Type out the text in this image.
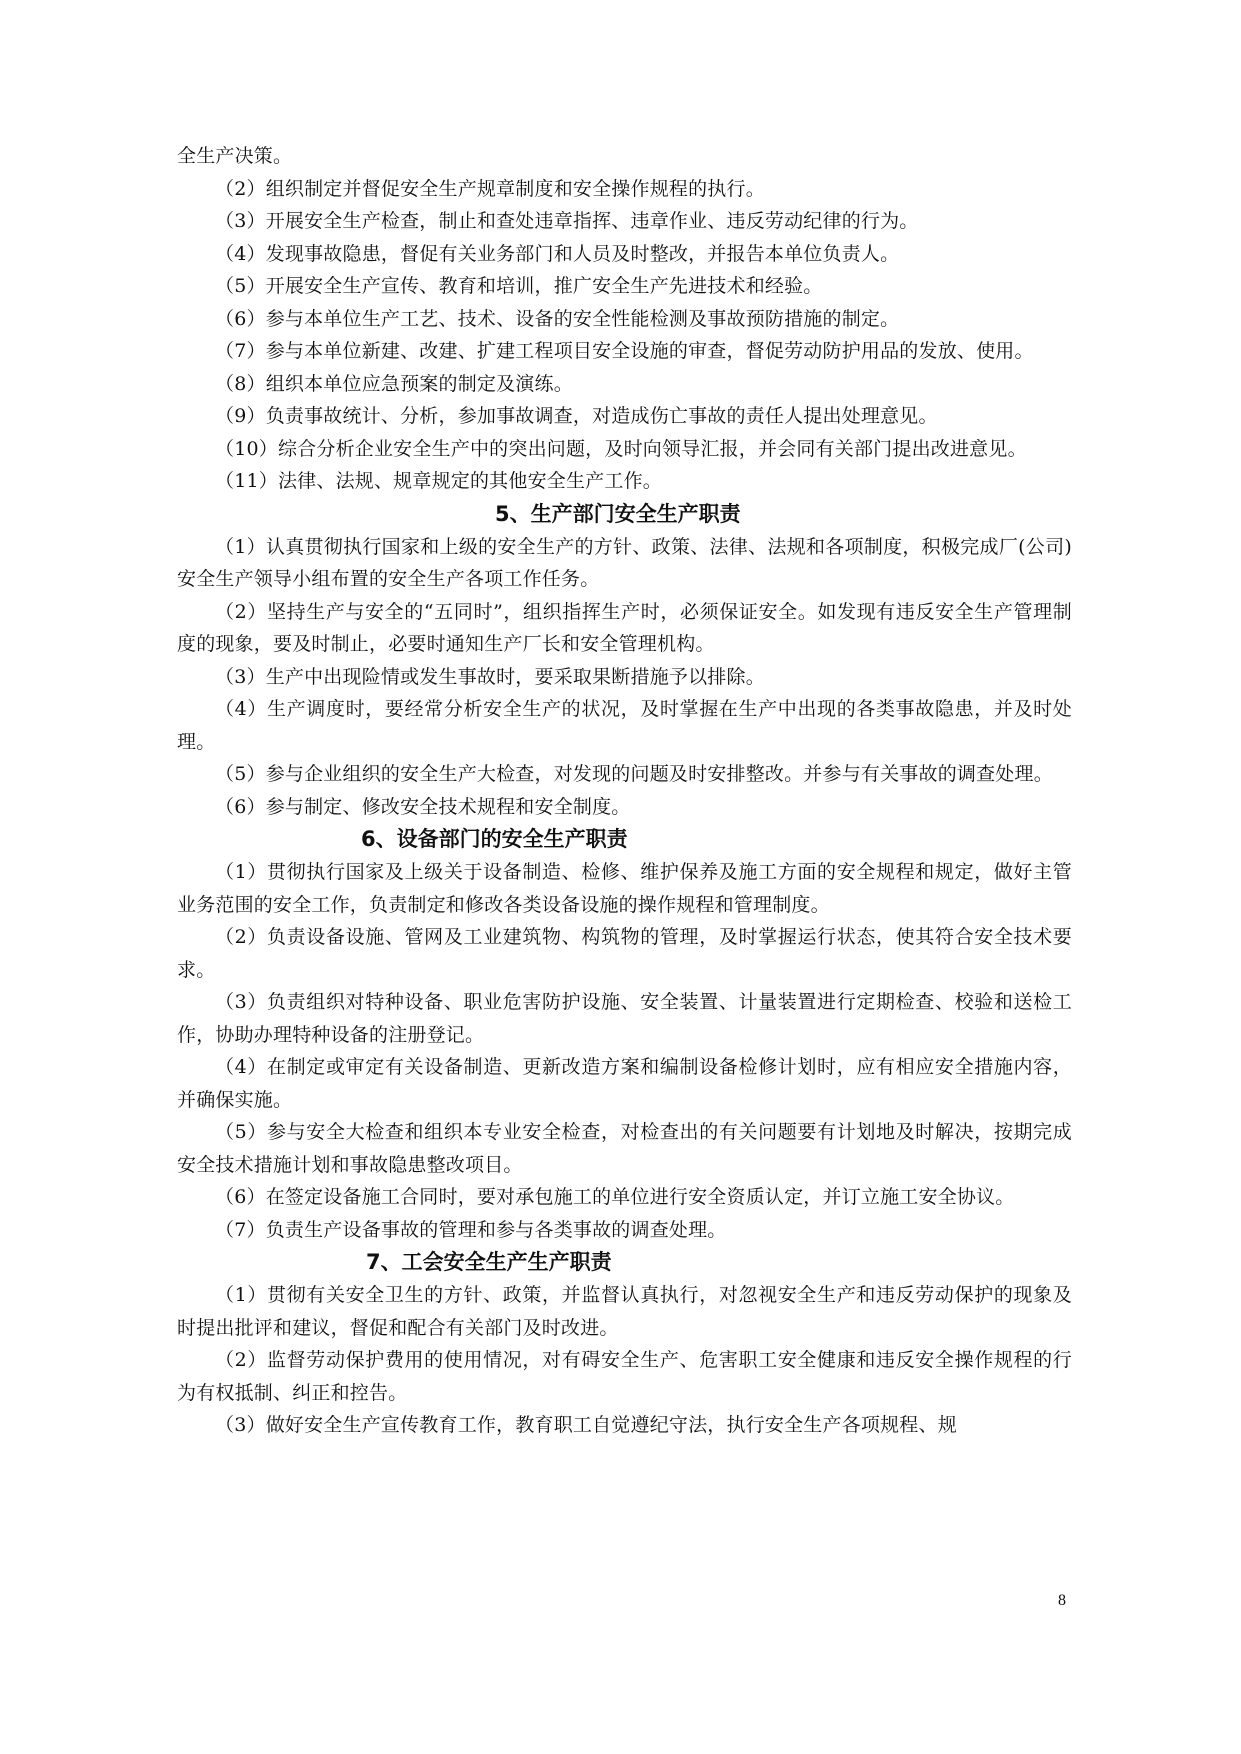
全生产决策。

（2）组织制定并督促安全生产规章制度和安全操作规程的执行。

（3）开展安全生产检查，制止和查处违章指挥、违章作业、违反劳动纪律的行为。

（4）发现事故隐患，督促有关业务部门和人员及时整改，并报告本单位负责人。

（5）开展安全生产宣传、教育和培训，推广安全生产先进技术和经验。

（6）参与本单位生产工艺、技术、设备的安全性能检测及事故预防措施的制定。

（7）参与本单位新建、改建、扩建工程项目安全设施的审查，督促劳动防护用品的发放、使用。

（8）组织本单位应急预案的制定及演练。

（9）负责事故统计、分析，参加事故调查，对造成伤亡事故的责任人提出处理意见。

（10）综合分析企业安全生产中的突出问题，及时向领导汇报，并会同有关部门提出改进意见。

（11）法律、法规、规章规定的其他安全生产工作。

5、生产部门安全生产职责

（1）认真贯彻执行国家和上级的安全生产的方针、政策、法律、法规和各项制度，积极完成厂(公司)安全生产领导小组布置的安全生产各项工作任务。

（2）坚持生产与安全的“五同时”，组织指挥生产时，必须保证安全。如发现有违反安全生产管理制度的现象，要及时制止，必要时通知生产厂长和安全管理机构。

（3）生产中出现险情或发生事故时，要采取果断措施予以排除。

（4）生产调度时，要经常分析安全生产的状况，及时掌握在生产中出现的各类事故隐患，并及时处理。

（5）参与企业组织的安全生产大检查，对发现的问题及时安排整改。并参与有关事故的调查处理。

（6）参与制定、修改安全技术规程和安全制度。

6、设备部门的安全生产职责

（1）贯彻执行国家及上级关于设备制造、检修、维护保养及施工方面的安全规程和规定，做好主管业务范围的安全工作，负责制定和修改各类设备设施的操作规程和管理制度。

（2）负责设备设施、管网及工业建筑物、构筑物的管理，及时掌握运行状态，使其符合安全技术要求。

（3）负责组织对特种设备、职业危害防护设施、安全装置、计量装置进行定期检查、校验和送检工作，协助办理特种设备的注册登记。

（4）在制定或审定有关设备制造、更新改造方案和编制设备检修计划时，应有相应安全措施内容，并确保实施。

（5）参与安全大检查和组织本专业安全检查，对检查出的有关问题要有计划地及时解决，按期完成安全技术措施计划和事故隐患整改项目。

（6）在签定设备施工合同时，要对承包施工的单位进行安全资质认定，并订立施工安全协议。

（7）负责生产设备事故的管理和参与各类事故的调查处理。

7、工会安全生产生产职责

（1）贯彻有关安全卫生的方针、政策，并监督认真执行，对忽视安全生产和违反劳动保护的现象及时提出批评和建议，督促和配合有关部门及时改进。

（2）监督劳动保护费用的使用情况，对有碍安全生产、危害职工安全健康和违反安全操作规程的行为有权抵制、纠正和控告。

（3）做好安全生产宣传教育工作，教育职工自觉遵纪守法，执行安全生产各项规程、规

8
